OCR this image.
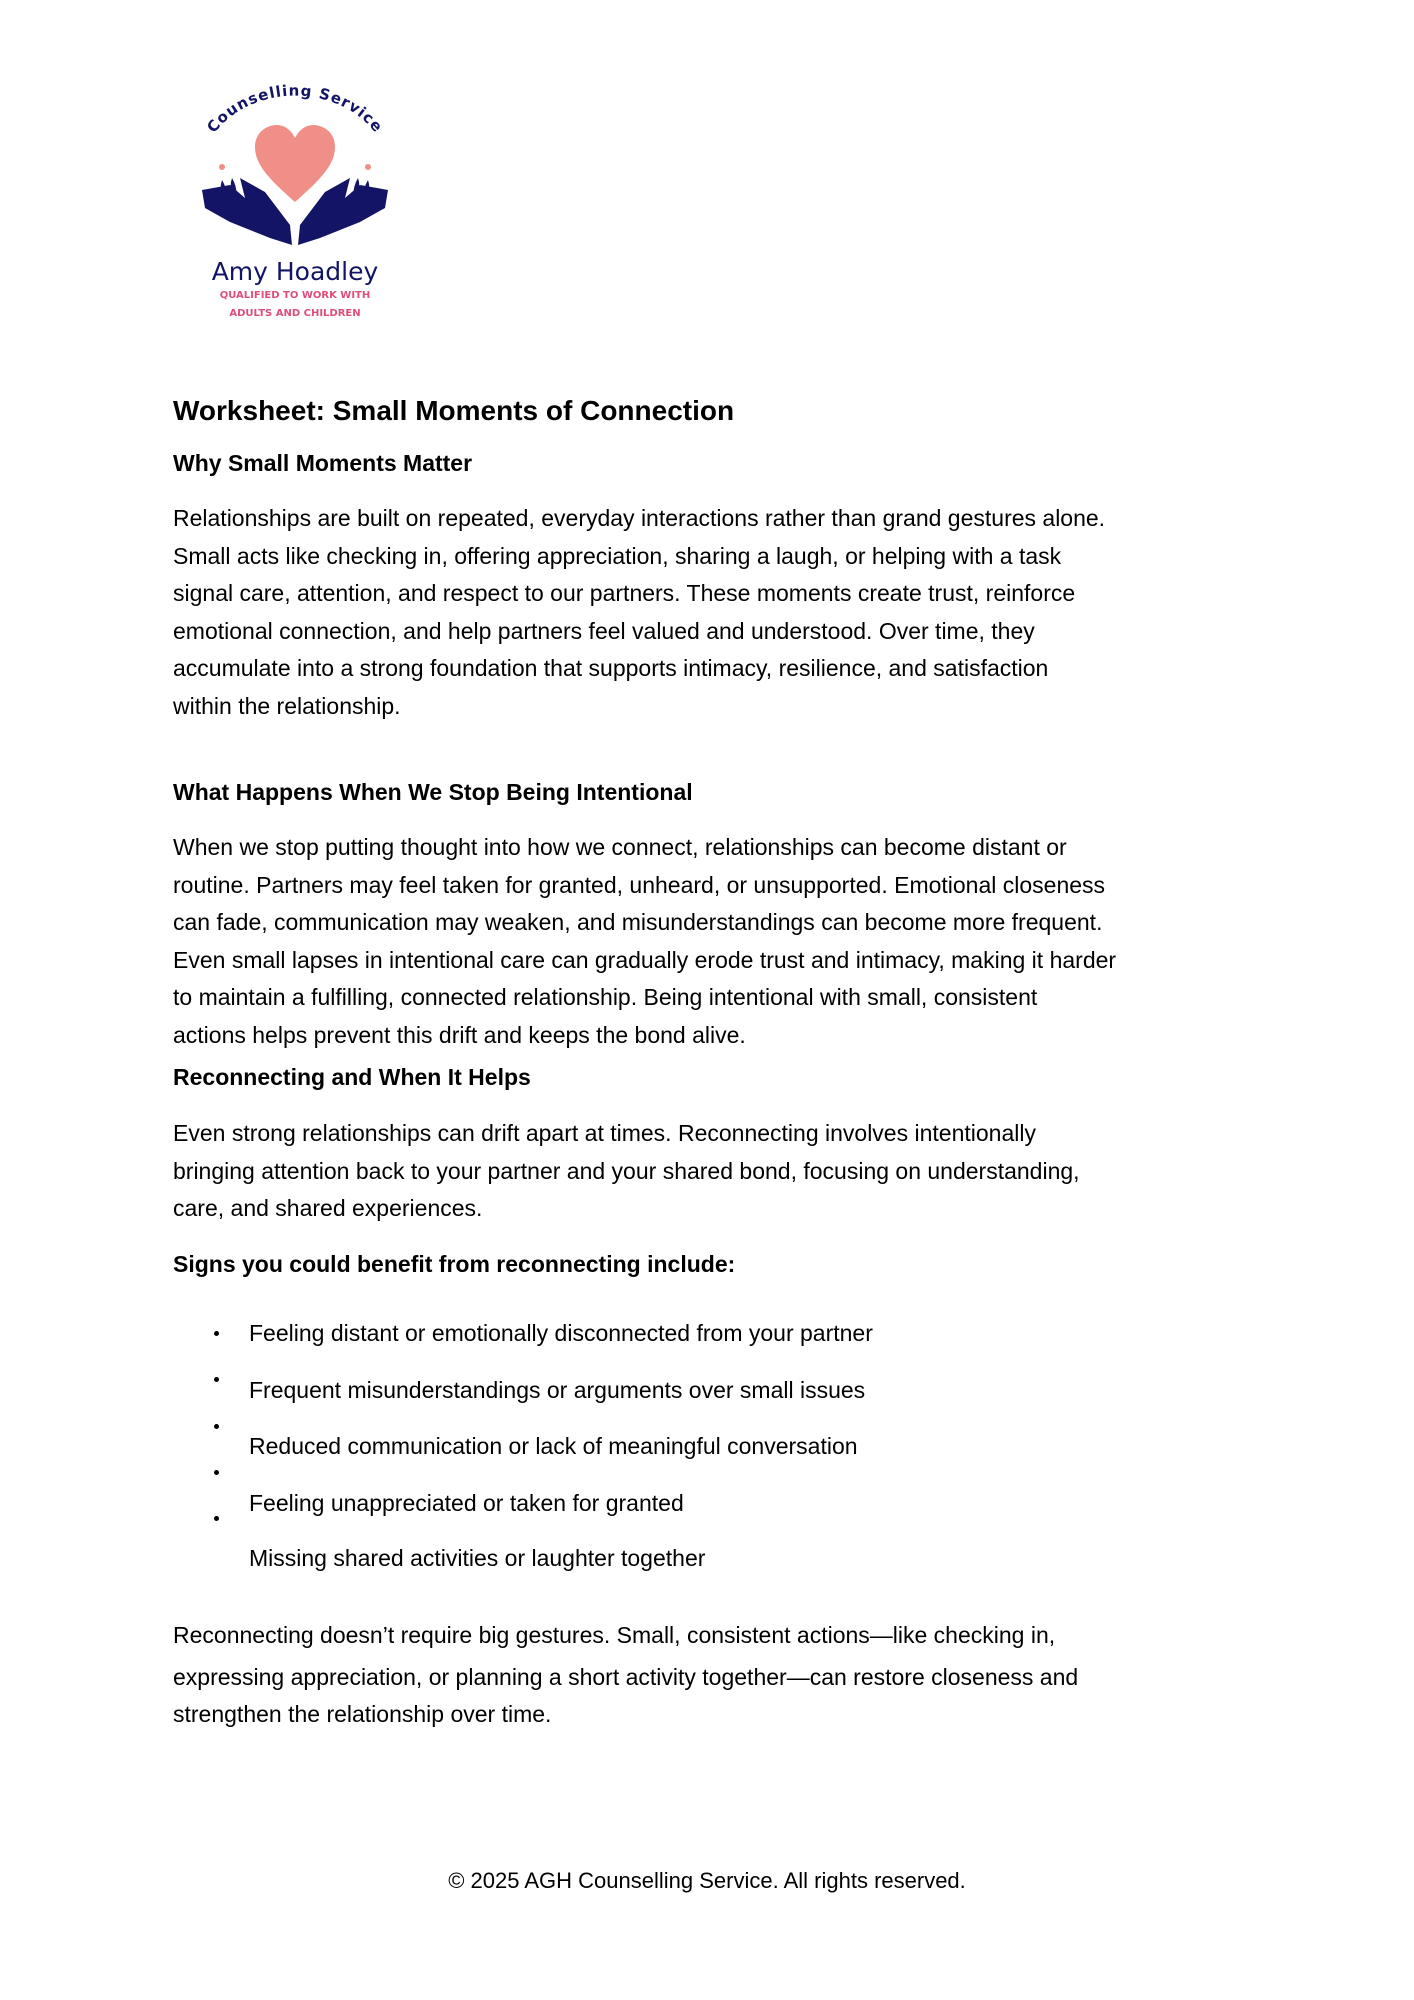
Counselling Service
Amy Hoadley
QUALIFIED TO WORK WITH
ADULTS AND CHILDREN
Worksheet: Small Moments of Connection
Why Small Moments Matter
Relationships are built on repeated, everyday interactions rather than grand gestures alone.
Small acts like checking in, offering appreciation, sharing a laugh, or helping with a task
signal care, attention, and respect to our partners. These moments create trust, reinforce
emotional connection, and help partners feel valued and understood. Over time, they
accumulate into a strong foundation that supports intimacy, resilience, and satisfaction
within the relationship.
What Happens When We Stop Being Intentional
When we stop putting thought into how we connect, relationships can become distant or
routine. Partners may feel taken for granted, unheard, or unsupported. Emotional closeness
can fade, communication may weaken, and misunderstandings can become more frequent.
Even small lapses in intentional care can gradually erode trust and intimacy, making it harder
to maintain a fulfilling, connected relationship. Being intentional with small, consistent
actions helps prevent this drift and keeps the bond alive.
Reconnecting and When It Helps
Even strong relationships can drift apart at times. Reconnecting involves intentionally
bringing attention back to your partner and your shared bond, focusing on understanding,
care, and shared experiences.
Signs you could benefit from reconnecting include:
Feeling distant or emotionally disconnected from your partner
Frequent misunderstandings or arguments over small issues
Reduced communication or lack of meaningful conversation
Feeling unappreciated or taken for granted
Missing shared activities or laughter together
Reconnecting doesn’t require big gestures. Small, consistent actions—like checking in,
expressing appreciation, or planning a short activity together—can restore closeness and
strengthen the relationship over time.
© 2025 AGH Counselling Service. All rights reserved.
